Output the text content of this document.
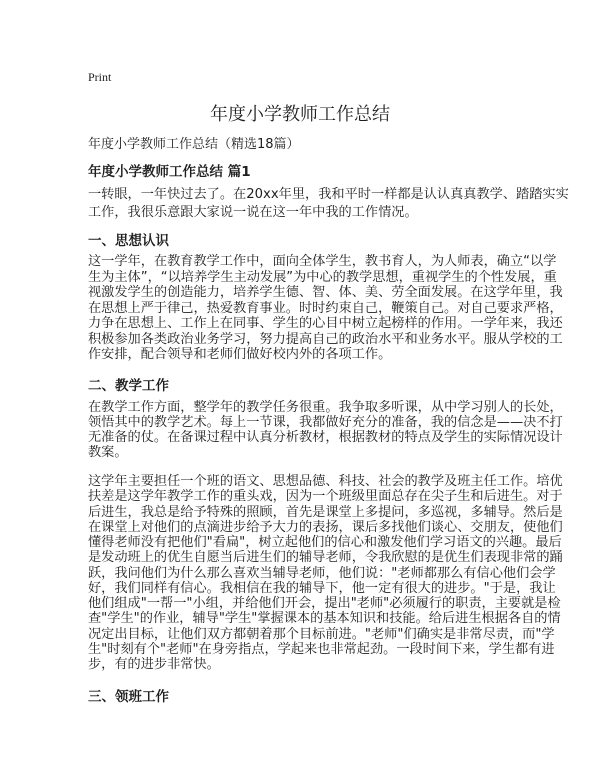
Print
年度小学教师工作总结
年度小学教师工作总结（精选18篇）
年度小学教师工作总结 篇1
一转眼，一年快过去了。在20xx年里，我和平时一样都是认认真真教学、踏踏实实
工作，我很乐意跟大家说一说在这一年中我的工作情况。
一、思想认识
这一学年，在教育教学工作中，面向全体学生，教书育人，为人师表，确立“以学
生为主体”，“以培养学生主动发展”为中心的教学思想，重视学生的个性发展，重
视激发学生的创造能力，培养学生德、智、体、美、劳全面发展。在这学年里，我
在思想上严于律己，热爱教育事业。时时约束自己，鞭策自己。对自己要求严格，
力争在思想上、工作上在同事、学生的心目中树立起榜样的作用。一学年来，我还
积极参加各类政治业务学习，努力提高自己的政治水平和业务水平。服从学校的工
作安排，配合领导和老师们做好校内外的各项工作。
二、教学工作
在教学工作方面，整学年的教学任务很重。我争取多听课，从中学习别人的长处，
领悟其中的教学艺术。每上一节课，我都做好充分的准备，我的信念是——决不打
无准备的仗。在备课过程中认真分析教材，根据教材的特点及学生的实际情况设计
教案。
这学年主要担任一个班的语文、思想品德、科技、社会的教学及班主任工作。培优
扶差是这学年教学工作的重头戏，因为一个班级里面总存在尖子生和后进生。对于
后进生，我总是给予特殊的照顾，首先是课堂上多提问，多巡视，多辅导。然后是
在课堂上对他们的点滴进步给予大力的表扬，课后多找他们谈心、交朋友，使他们
懂得老师没有把他们"看扁"，树立起他们的信心和激发他们学习语文的兴趣。最后
是发动班上的优生自愿当后进生们的辅导老师，令我欣慰的是优生们表现非常的踊
跃，我问他们为什么那么喜欢当辅导老师，他们说："老师都那么有信心他们会学
好，我们同样有信心。我相信在我的辅导下，他一定有很大的进步。"于是，我让
他们组成"一帮一"小组，并给他们开会，提出"老师"必须履行的职责，主要就是检
查"学生"的作业，辅导"学生"掌握课本的基本知识和技能。给后进生根据各自的情
况定出目标，让他们双方都朝着那个目标前进。"老师"们确实是非常尽责，而"学
生"时刻有个"老师"在身旁指点，学起来也非常起劲。一段时间下来，学生都有进
步，有的进步非常快。
三、领班工作
